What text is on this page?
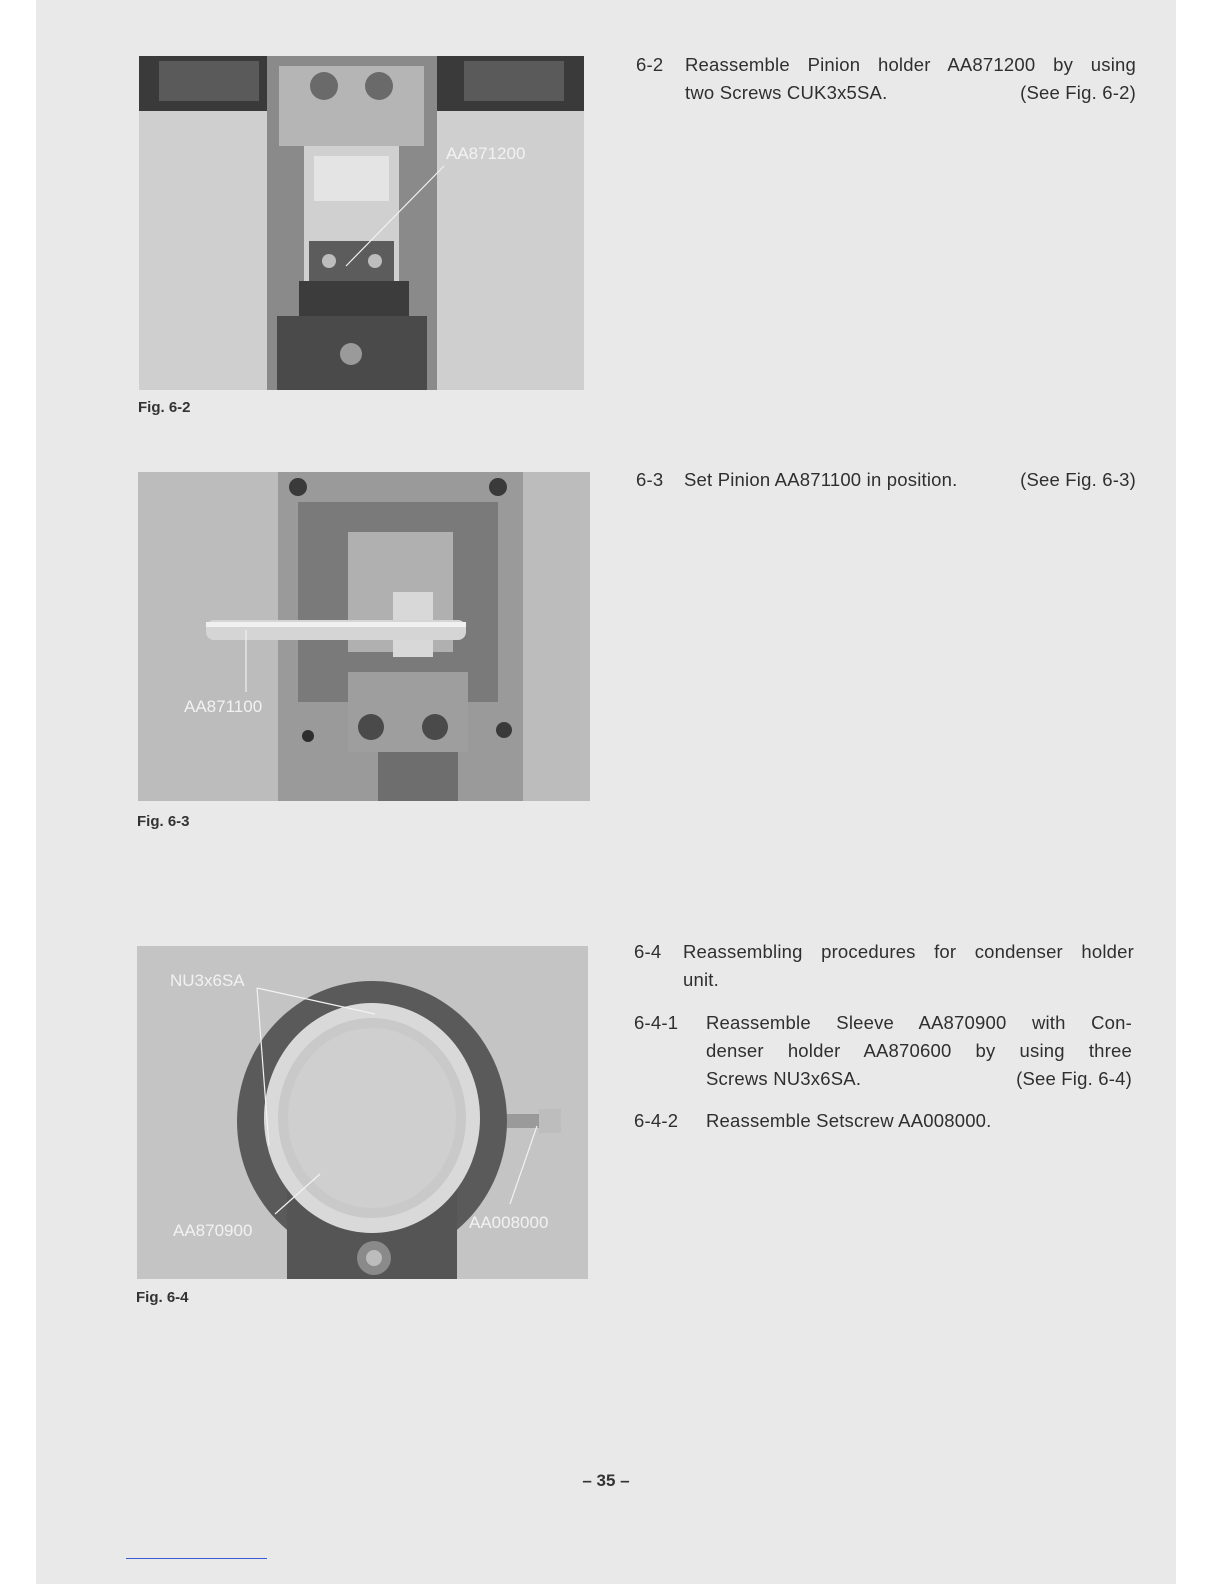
AA871200
Fig. 6-2
AA871100
Fig. 6-3
NU3x6SA
AA870900	AA008000
Fig. 6-4
6-2 Reassemble Pinion holder AA871200 by using
two Screws CUK3x5SA.	(See Fig. 6-2)
6-3 Set Pinion AA871100 in position.	(See Fig. 6-3)
6-4 Reassembling procedures for condenser holder
unit.
6-4-1 Reassemble Sleeve AA870900 with Con-
denser holder AA870600 by using three
Screws NU3x6SA.	(See Fig. 6-4)
6-4-2 Reassemble Setscrew AA008000.
– 35 –
